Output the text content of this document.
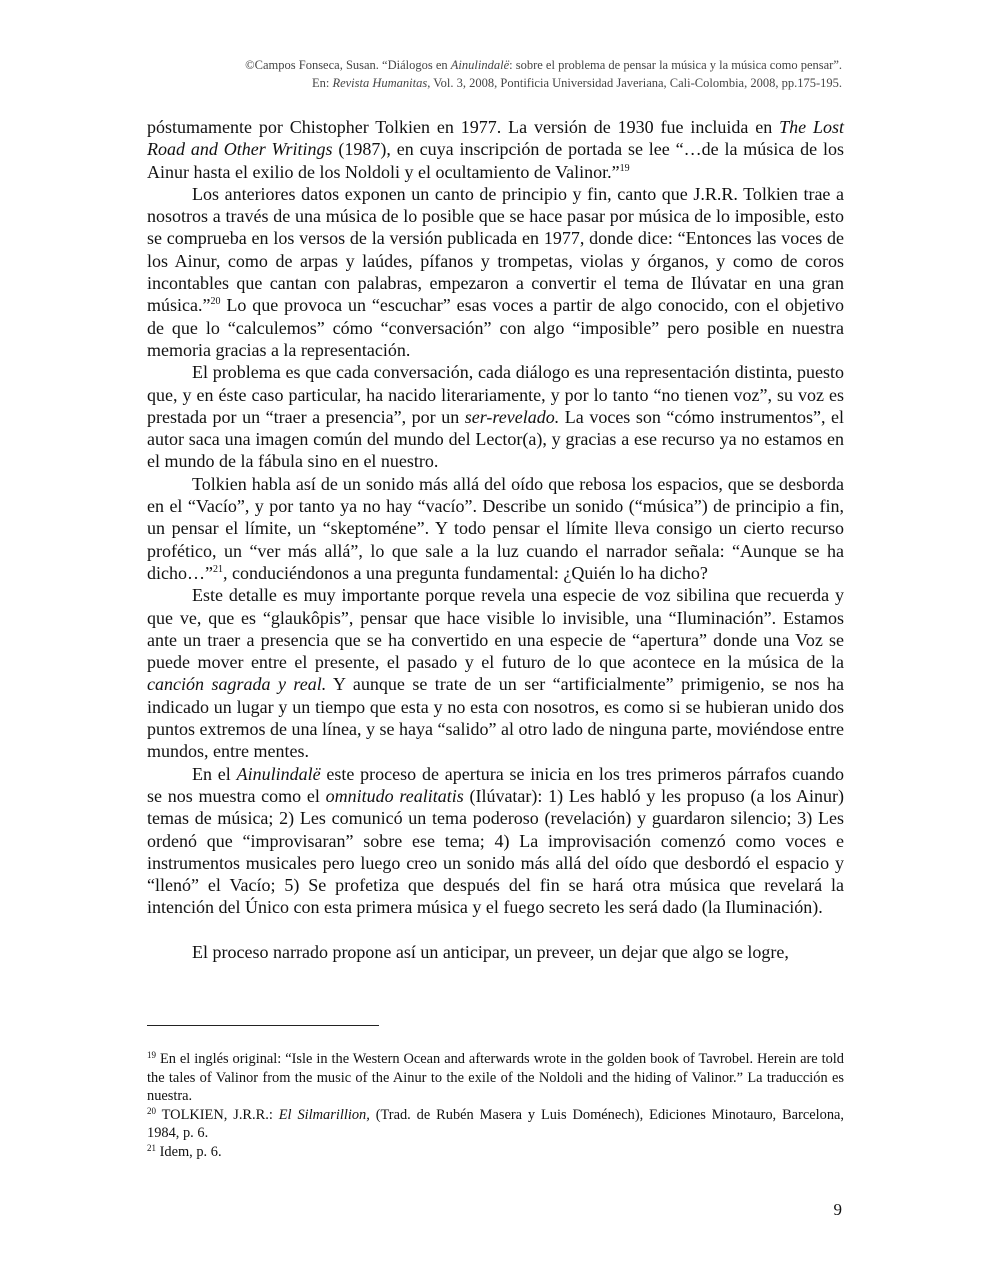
©Campos Fonseca, Susan. “Diálogos en Ainulindalë: sobre el problema de pensar la música y la música como pensar”.
En: Revista Humanitas, Vol. 3, 2008, Pontificia Universidad Javeriana, Cali-Colombia, 2008, pp.175-195.

póstumamente por Chistopher Tolkien en 1977. La versión de 1930 fue incluida en The Lost Road and Other Writings (1987), en cuya inscripción de portada se lee “…de la música de los Ainur hasta el exilio de los Noldoli y el ocultamiento de Valinor.”$^{19}$

Los anteriores datos exponen un canto de principio y fin, canto que J.R.R. Tolkien trae a nosotros a través de una música de lo posible que se hace pasar por música de lo imposible, esto se comprueba en los versos de la versión publicada en 1977, donde dice: “Entonces las voces de los Ainur, como de arpas y laúdes, pífanos y trompetas, violas y órganos, y como de coros incontables que cantan con palabras, empezaron a convertir el tema de Ilúvatar en una gran música.”$^{20}$ Lo que provoca un “escuchar” esas voces a partir de algo conocido, con el objetivo de que lo “calculemos” cómo “conversación” con algo “imposible” pero posible en nuestra memoria gracias a la representación.

El problema es que cada conversación, cada diálogo es una representación distinta, puesto que, y en éste caso particular, ha nacido literariamente, y por lo tanto “no tienen voz”, su voz es prestada por un “traer a presencia”, por un ser-revelado. La voces son “cómo instrumentos”, el autor saca una imagen común del mundo del Lector(a), y gracias a ese recurso ya no estamos en el mundo de la fábula sino en el nuestro.

Tolkien habla así de un sonido más allá del oído que rebosa los espacios, que se desborda en el “Vacío”, y por tanto ya no hay “vacío”. Describe un sonido (“música”) de principio a fin, un pensar el límite, un “skeptoméne”. Y todo pensar el límite lleva consigo un cierto recurso profético, un “ver más allá”, lo que sale a la luz cuando el narrador señala: “Aunque se ha dicho…”$^{21}$, conduciéndonos a una pregunta fundamental: ¿Quién lo ha dicho?

Este detalle es muy importante porque revela una especie de voz sibilina que recuerda y que ve, que es “glaukôpis”, pensar que hace visible lo invisible, una “Iluminación”. Estamos ante un traer a presencia que se ha convertido en una especie de “apertura” donde una Voz se puede mover entre el presente, el pasado y el futuro de lo que acontece en la música de la canción sagrada y real. Y aunque se trate de un ser “artificialmente” primigenio, se nos ha indicado un lugar y un tiempo que esta y no esta con nosotros, es como si se hubieran unido dos puntos extremos de una línea, y se haya “salido” al otro lado de ninguna parte, moviéndose entre mundos, entre mentes.

En el Ainulindalë este proceso de apertura se inicia en los tres primeros párrafos cuando se nos muestra como el omnitudo realitatis (Ilúvatar): 1) Les habló y les propuso (a los Ainur) temas de música; 2) Les comunicó un tema poderoso (revelación) y guardaron silencio; 3) Les ordenó que “improvisaran” sobre ese tema; 4) La improvisación comenzó como voces e instrumentos musicales pero luego creo un sonido más allá del oído que desbordó el espacio y “llenó” el Vacío; 5) Se profetiza que después del fin se hará otra música que revelará la intención del Único con esta primera música y el fuego secreto les será dado (la Iluminación).

El proceso narrado propone así un anticipar, un preveer, un dejar que algo se logre,

$^{19}$ En el inglés original: “Isle in the Western Ocean and afterwards wrote in the golden book of Tavrobel. Herein are told the tales of Valinor from the music of the Ainur to the exile of the Noldoli and the hiding of Valinor.” La traducción es nuestra.

$^{20}$ TOLKIEN, J.R.R.: El Silmarillion, (Trad. de Rubén Masera y Luis Doménech), Ediciones Minotauro, Barcelona, 1984, p. 6.

$^{21}$ Idem, p. 6.

9
